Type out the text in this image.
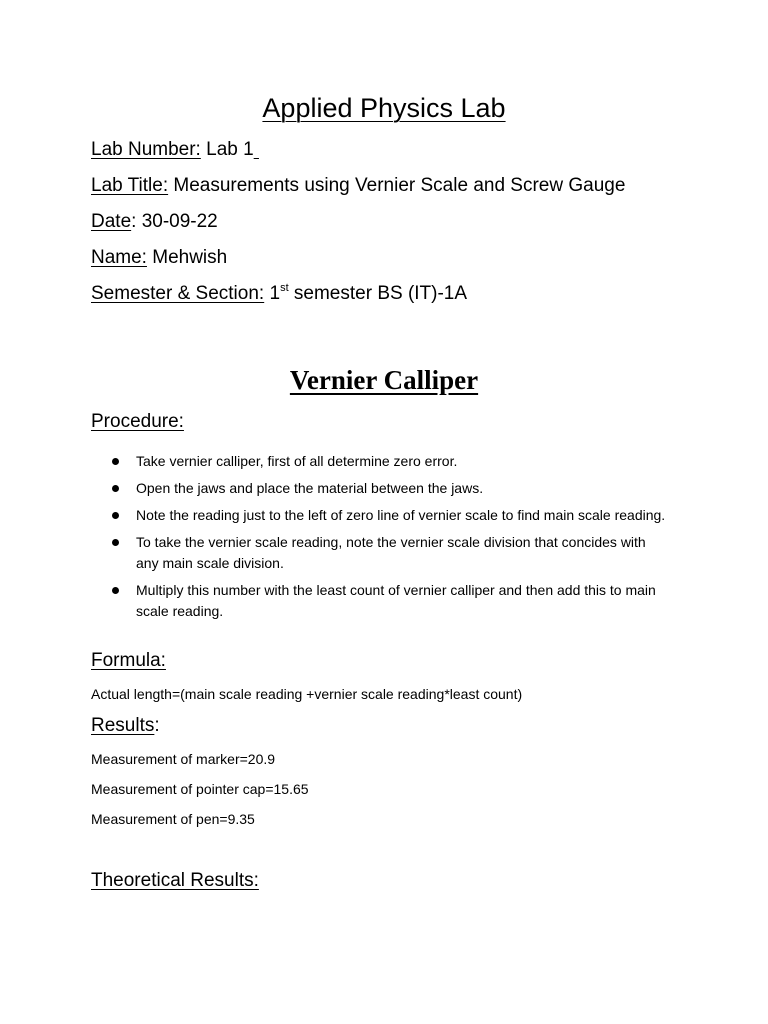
Applied Physics Lab
Lab Number: Lab 1
Lab Title: Measurements using Vernier Scale and Screw Gauge
Date: 30-09-22
Name: Mehwish
Semester & Section: 1st semester BS (IT)-1A
Vernier Calliper
Procedure:
Take vernier calliper, first of all determine zero error.
Open the jaws and place the material between the jaws.
Note the reading just to the left of zero line of vernier scale to find main scale reading.
To take the vernier scale reading, note the vernier scale division that concides with any main scale division.
Multiply this number with the least count of vernier calliper and then add this to main scale reading.
Formula:
Actual length=(main scale reading +vernier scale reading*least count)
Results:
Measurement of marker=20.9
Measurement of pointer cap=15.65
Measurement of pen=9.35
Theoretical Results:
